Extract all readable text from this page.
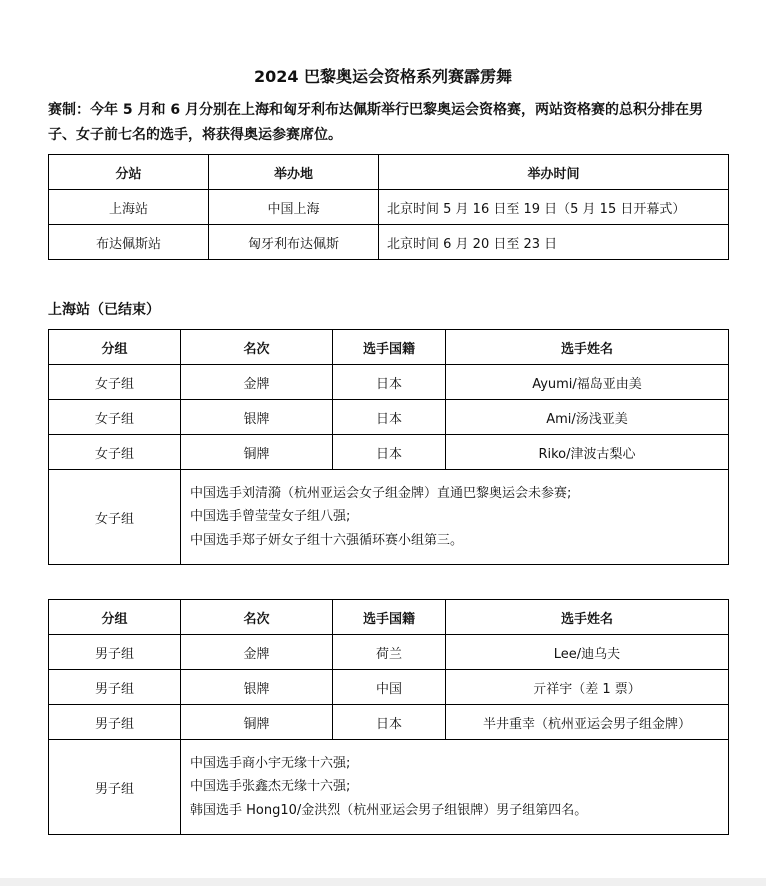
2024 巴黎奥运会资格系列赛霹雳舞
赛制：今年 5 月和 6 月分别在上海和匈牙利布达佩斯举行巴黎奥运会资格赛，两站资格赛的总积分排在男子、女子前七名的选手，将获得奥运参赛席位。
分站	举办地	举办时间
上海站	中国上海	北京时间 5 月 16 日至 19 日（5 月 15 日开幕式）
布达佩斯站	匈牙利布达佩斯	北京时间 6 月 20 日至 23 日
上海站（已结束）
分组	名次	选手国籍	选手姓名
女子组	金牌	日本	Ayumi/福岛亚由美
女子组	银牌	日本	Ami/汤浅亚美
女子组	铜牌	日本	Riko/津波古梨心
女子组	中国选手刘清漪（杭州亚运会女子组金牌）直通巴黎奥运会未参赛;
中国选手曾莹莹女子组八强;
中国选手郑子妍女子组十六强循环赛小组第三。		
分组	名次	选手国籍	选手姓名
男子组	金牌	荷兰	Lee/迪乌夫
男子组	银牌	中国	亓祥宇（差 1 票）
男子组	铜牌	日本	半井重幸（杭州亚运会男子组金牌）
男子组	中国选手商小宇无缘十六强;
中国选手张鑫杰无缘十六强;
韩国选手 Hong10/金洪烈（杭州亚运会男子组银牌）男子组第四名。		
